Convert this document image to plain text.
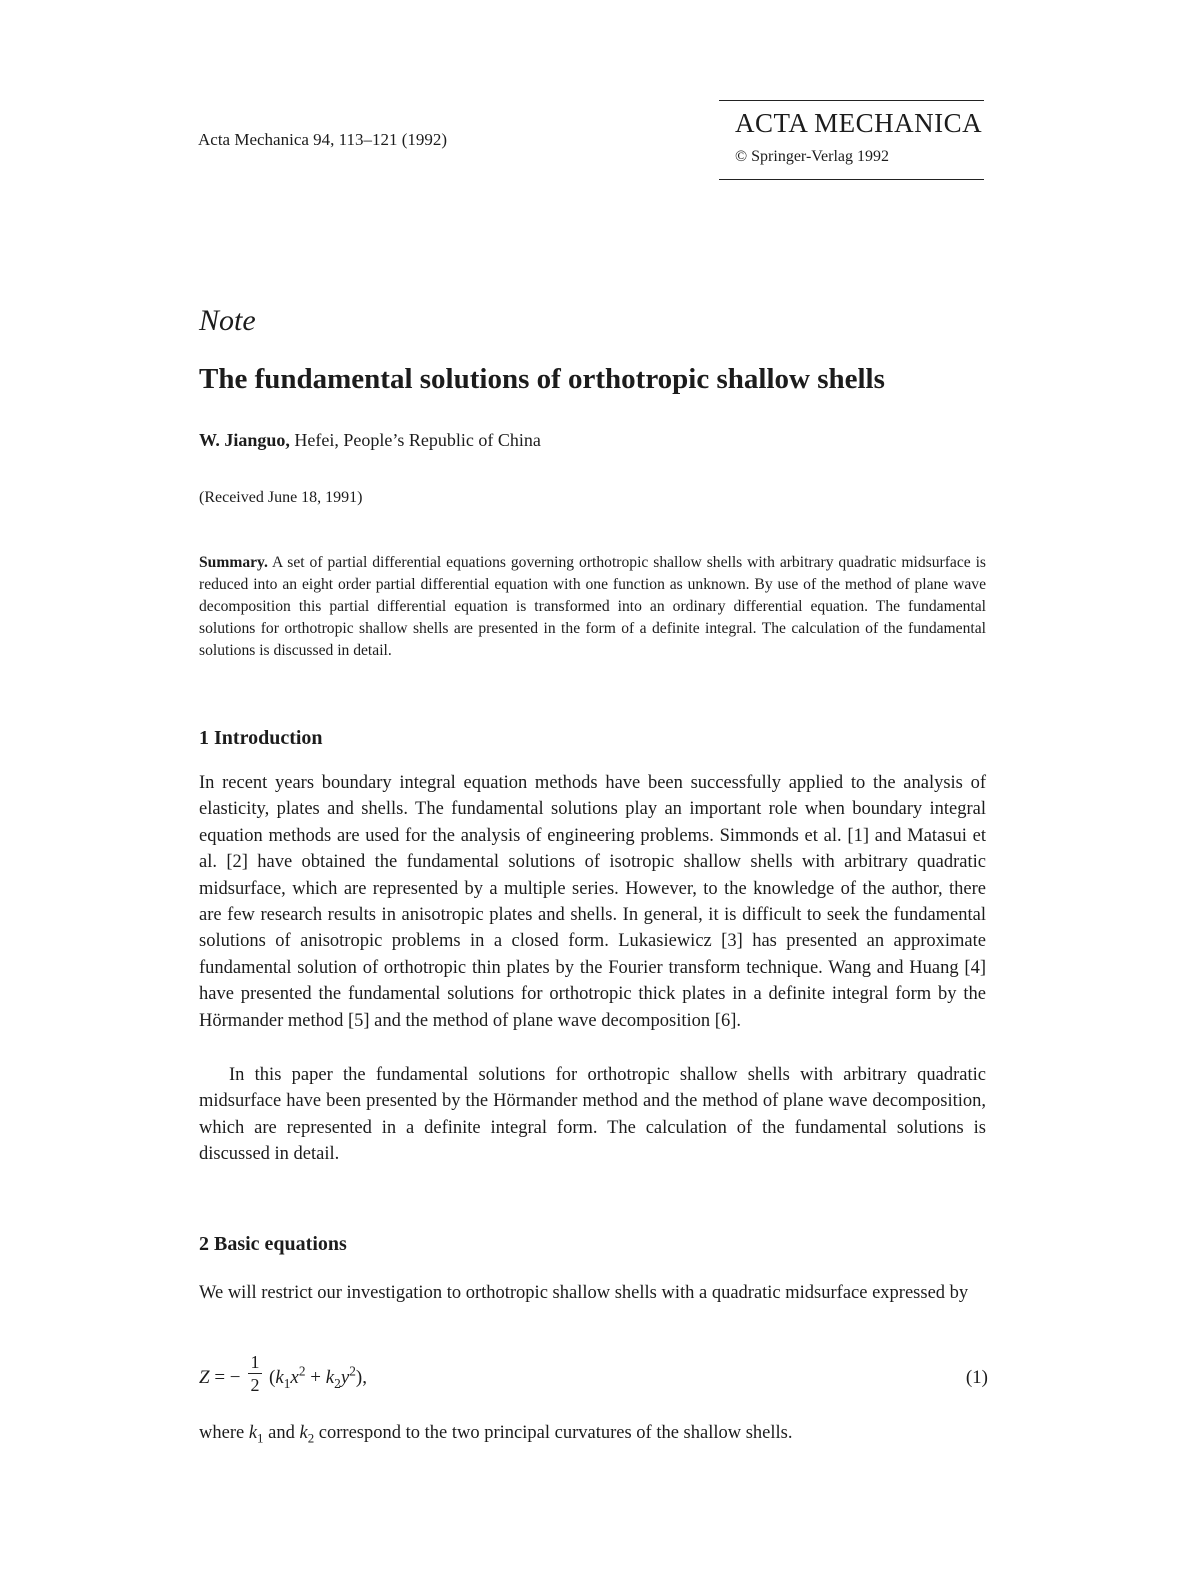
Acta Mechanica 94, 113–121 (1992)
ACTA MECHANICA
© Springer-Verlag 1992
Note
The fundamental solutions of orthotropic shallow shells
W. Jianguo, Hefei, People’s Republic of China
(Received June 18, 1991)
Summary. A set of partial differential equations governing orthotropic shallow shells with arbitrary quadratic midsurface is reduced into an eight order partial differential equation with one function as unknown. By use of the method of plane wave decomposition this partial differential equation is transformed into an ordinary differential equation. The fundamental solutions for orthotropic shallow shells are presented in the form of a definite integral. The calculation of the fundamental solutions is discussed in detail.
1 Introduction

In recent years boundary integral equation methods have been successfully applied to the analysis of elasticity, plates and shells. The fundamental solutions play an important role when boundary integral equation methods are used for the analysis of engineering problems. Simmonds et al. [1] and Matasui et al. [2] have obtained the fundamental solutions of isotropic shallow shells with arbitrary quadratic midsurface, which are represented by a multiple series. However, to the knowledge of the author, there are few research results in anisotropic plates and shells. In general, it is difficult to seek the fundamental solutions of anisotropic problems in a closed form. Lukasiewicz [3] has presented an approximate fundamental solution of orthotropic thin plates by the Fourier transform technique. Wang and Huang [4] have presented the fundamental solutions for orthotropic thick plates in a definite integral form by the Hörmander method [5] and the method of plane wave decomposition [6].

In this paper the fundamental solutions for orthotropic shallow shells with arbitrary quadratic midsurface have been presented by the Hörmander method and the method of plane wave decomposition, which are represented in a definite integral form. The calculation of the fundamental solutions is discussed in detail.

2 Basic equations

We will restrict our investigation to orthotropic shallow shells with a quadratic midsurface expressed by

Z = − $\frac{1}{2} (k_1x^2 + k_2y^2)$,	(1)
where $k_1$ and $k_2$ correspond to the two principal curvatures of the shallow shells.
